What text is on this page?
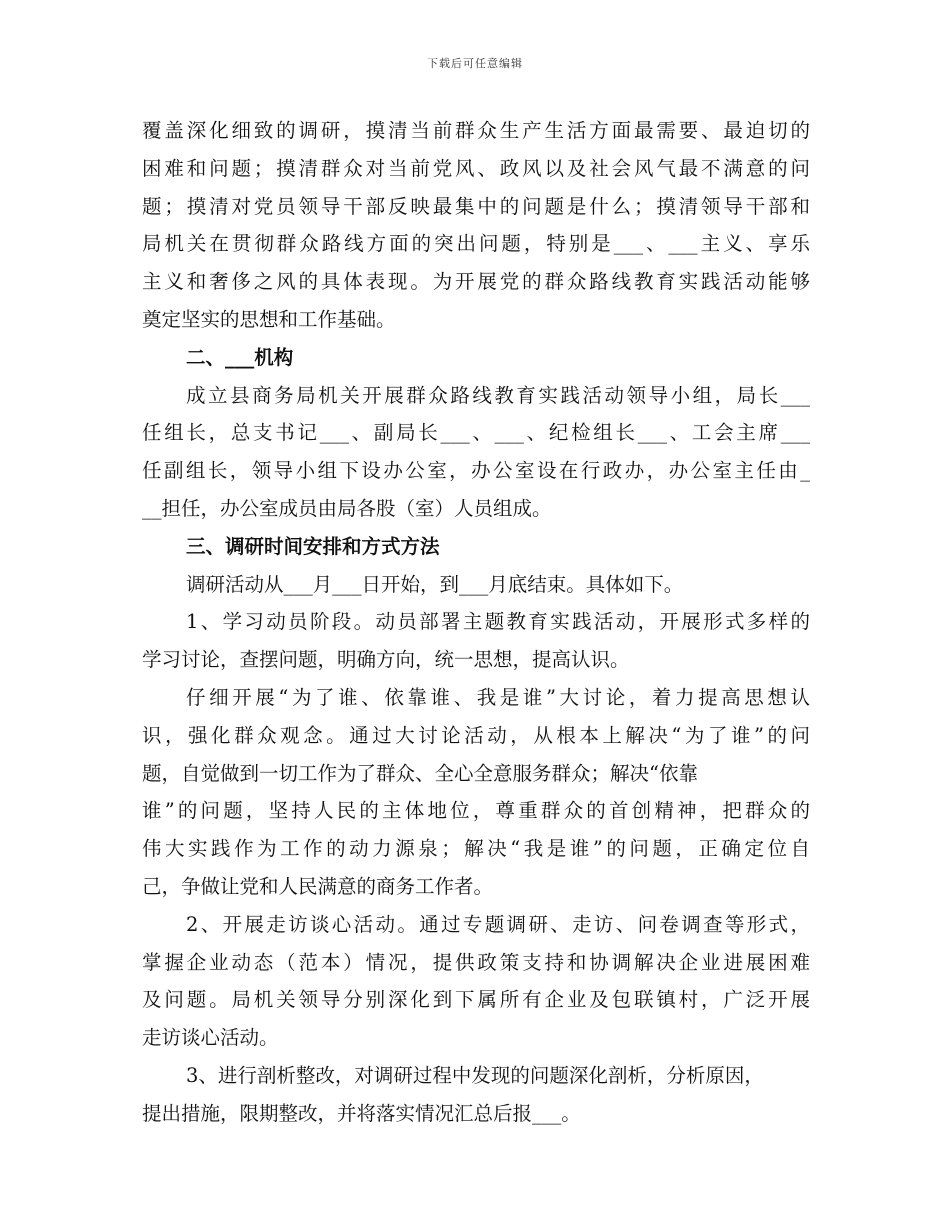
下载后可任意编辑
覆盖深化细致的调研，摸清当前群众生产生活方面最需要、最迫切的
困难和问题；摸清群众对当前党风、政风以及社会风气最不满意的问
题；摸清对党员领导干部反映最集中的问题是什么；摸清领导干部和
局机关在贯彻群众路线方面的突出问题，特别是___、___主义、享乐
主义和奢侈之风的具体表现。为开展党的群众路线教育实践活动能够
奠定坚实的思想和工作基础。
二、___机构
成立县商务局机关开展群众路线教育实践活动领导小组，局长___
任组长，总支书记___、副局长___、___、纪检组长___、工会主席___
任副组长，领导小组下设办公室，办公室设在行政办，办公室主任由_
__担任，办公室成员由局各股（室）人员组成。
三、调研时间安排和方式方法
调研活动从___月___日开始，到___月底结束。具体如下。
1、学习动员阶段。动员部署主题教育实践活动，开展形式多样的
学习讨论，查摆问题，明确方向，统一思想，提高认识。
仔细开展“为了谁、依靠谁、我是谁”大讨论，着力提高思想认
识，强化群众观念。通过大讨论活动，从根本上解决“为了谁”的问
题，自觉做到一切工作为了群众、全心全意服务群众；解决“依靠
谁”的问题，坚持人民的主体地位，尊重群众的首创精神，把群众的
伟大实践作为工作的动力源泉；解决“我是谁”的问题，正确定位自
己，争做让党和人民满意的商务工作者。
2、开展走访谈心活动。通过专题调研、走访、问卷调查等形式，
掌握企业动态（范本）情况，提供政策支持和协调解决企业进展困难
及问题。局机关领导分别深化到下属所有企业及包联镇村，广泛开展
走访谈心活动。
3、进行剖析整改，对调研过程中发现的问题深化剖析，分析原因，
提出措施，限期整改，并将落实情况汇总后报___。
